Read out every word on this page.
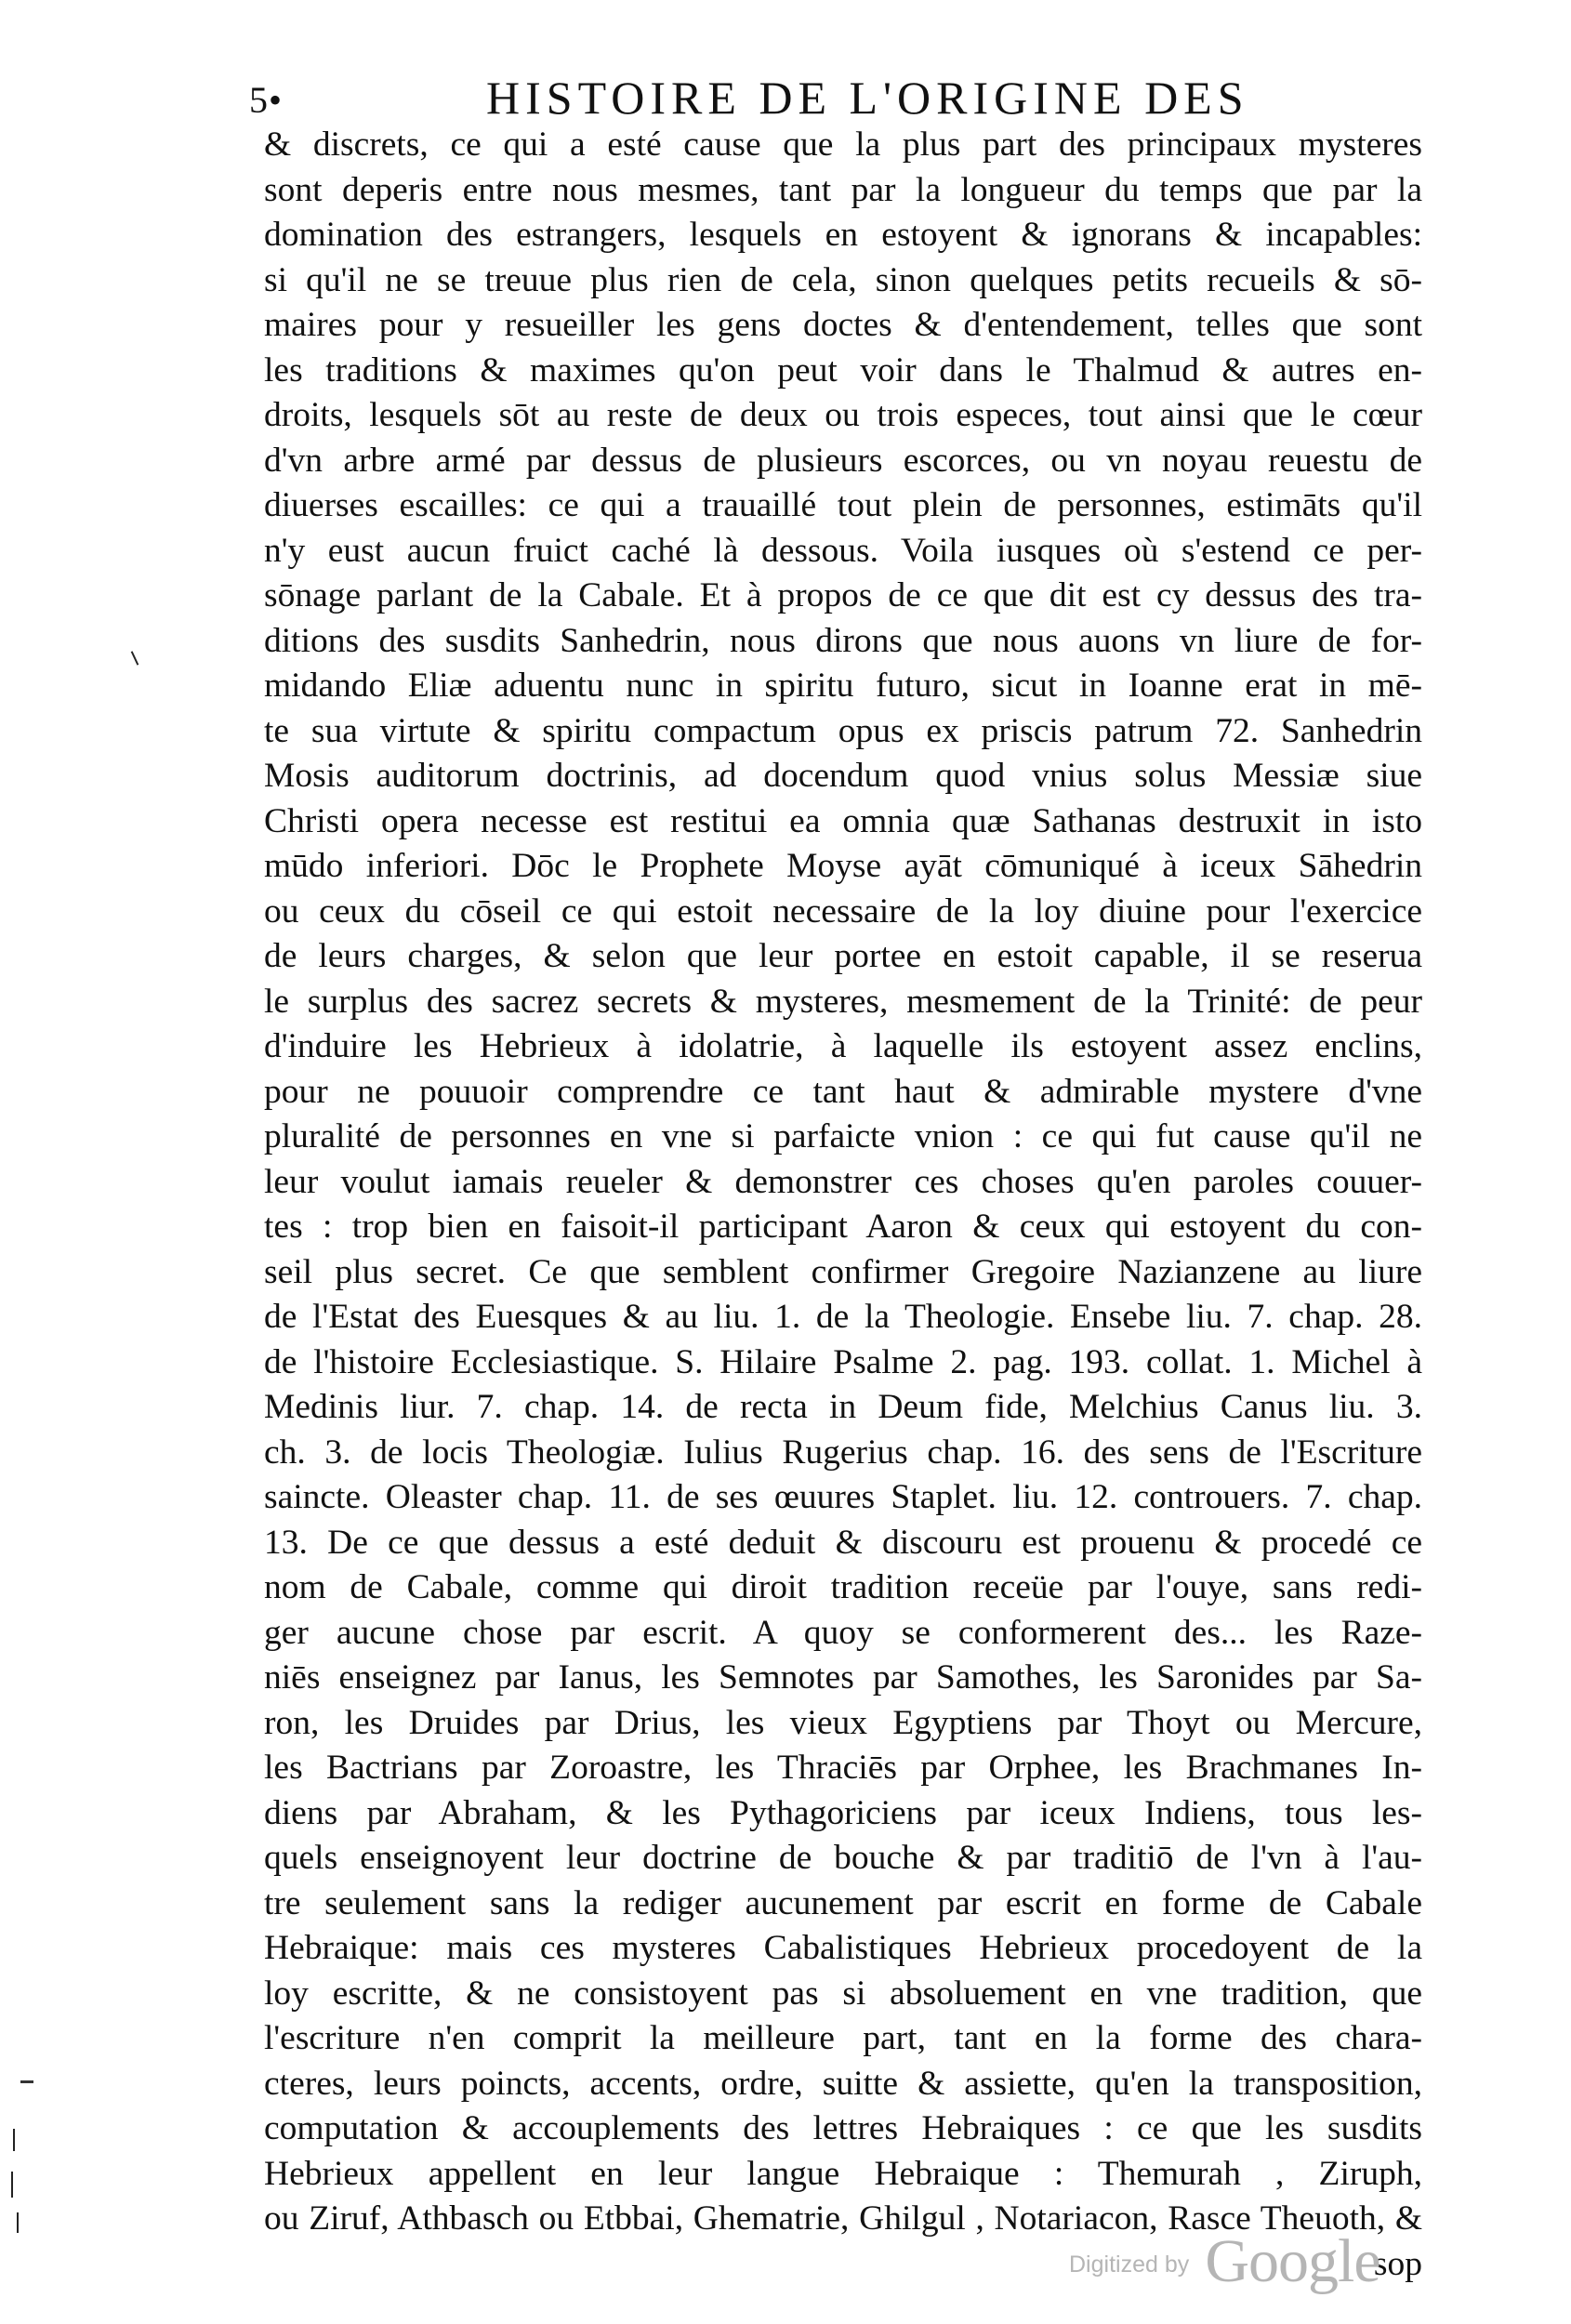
5•	HISTOIRE DE L'ORIGINE DES
& discrets, ce qui a esté cause que la plus part des principaux mysteres
sont deperis entre nous mesmes, tant par la longueur du temps que par la
domination des estrangers, lesquels en estoyent & ignorans & incapables:
si qu'il ne se treuue plus rien de cela, sinon quelques petits recueils & sō-
maires pour y resueiller les gens doctes & d'entendement, telles que sont
les traditions & maximes qu'on peut voir dans le Thalmud & autres en-
droits, lesquels sōt au reste de deux ou trois especes, tout ainsi que le cœur
d'vn arbre armé par dessus de plusieurs escorces, ou vn noyau reuestu de
diuerses escailles: ce qui a trauaillé tout plein de personnes, estimāts qu'il
n'y eust aucun fruict caché là dessous. Voila iusques où s'estend ce per-
sōnage parlant de la Cabale. Et à propos de ce que dit est cy dessus des tra-
ditions des susdits Sanhedrin, nous dirons que nous auons vn liure de for-
midando Eliæ aduentu nunc in spiritu futuro, sicut in Ioanne erat in mē-
te sua virtute & spiritu compactum opus ex priscis patrum 72. Sanhedrin
Mosis auditorum doctrinis, ad docendum quod vnius solus Messiæ siue
Christi opera necesse est restitui ea omnia quæ Sathanas destruxit in isto
mūdo inferiori. Dōc le Prophete Moyse ayāt cōmuniqué à iceux Sāhedrin
ou ceux du cōseil ce qui estoit necessaire de la loy diuine pour l'exercice
de leurs charges, & selon que leur portee en estoit capable, il se reserua
le surplus des sacrez secrets & mysteres, mesmement de la Trinité: de peur
d'induire les Hebrieux à idolatrie, à laquelle ils estoyent assez enclins,
pour ne pouuoir comprendre ce tant haut & admirable mystere d'vne
pluralité de personnes en vne si parfaicte vnion : ce qui fut cause qu'il ne
leur voulut iamais reueler & demonstrer ces choses qu'en paroles couuer-
tes : trop bien en faisoit-il participant Aaron & ceux qui estoyent du con-
seil plus secret. Ce que semblent confirmer Gregoire Nazianzene au liure
de l'Estat des Euesques & au liu. 1. de la Theologie. Ensebe liu. 7. chap. 28.
de l'histoire Ecclesiastique. S. Hilaire Psalme 2. pag. 193. collat. 1. Michel à
Medinis liur. 7. chap. 14. de recta in Deum fide, Melchius Canus liu. 3.
ch. 3. de locis Theologiæ. Iulius Rugerius chap. 16. des sens de l'Escriture
saincte. Oleaster chap. 11. de ses œuures Staplet. liu. 12. controuers. 7. chap.
13. De ce que dessus a esté deduit & discouru est prouenu & procedé ce
nom de Cabale, comme qui diroit tradition receüe par l'ouye, sans redi-
ger aucune chose par escrit. A quoy se conformerent des... les Raze-
niēs enseignez par Ianus, les Semnotes par Samothes, les Saronides par Sa-
ron, les Druides par Drius, les vieux Egyptiens par Thoyt ou Mercure,
les Bactrians par Zoroastre, les Thraciēs par Orphee, les Brachmanes In-
diens par Abraham, & les Pythagoriciens par iceux Indiens, tous les-
quels enseignoyent leur doctrine de bouche & par traditiō de l'vn à l'au-
tre seulement sans la rediger aucunement par escrit en forme de Cabale
Hebraique: mais ces mysteres Cabalistiques Hebrieux procedoyent de la
loy escritte, & ne consistoyent pas si absoluement en vne tradition, que
l'escriture n'en comprit la meilleure part, tant en la forme des chara-
cteres, leurs poincts, accents, ordre, suitte & assiette, qu'en la transposition,
computation & accouplements des lettres Hebraiques : ce que les susdits
Hebrieux appellent en leur langue Hebraique : Themurah , Ziruph,
ou Ziruf, Athbasch ou Etbbai, Ghematrie, Ghilgul , Notariacon, Rasce Theuoth, &
sop
Digitized by Google
